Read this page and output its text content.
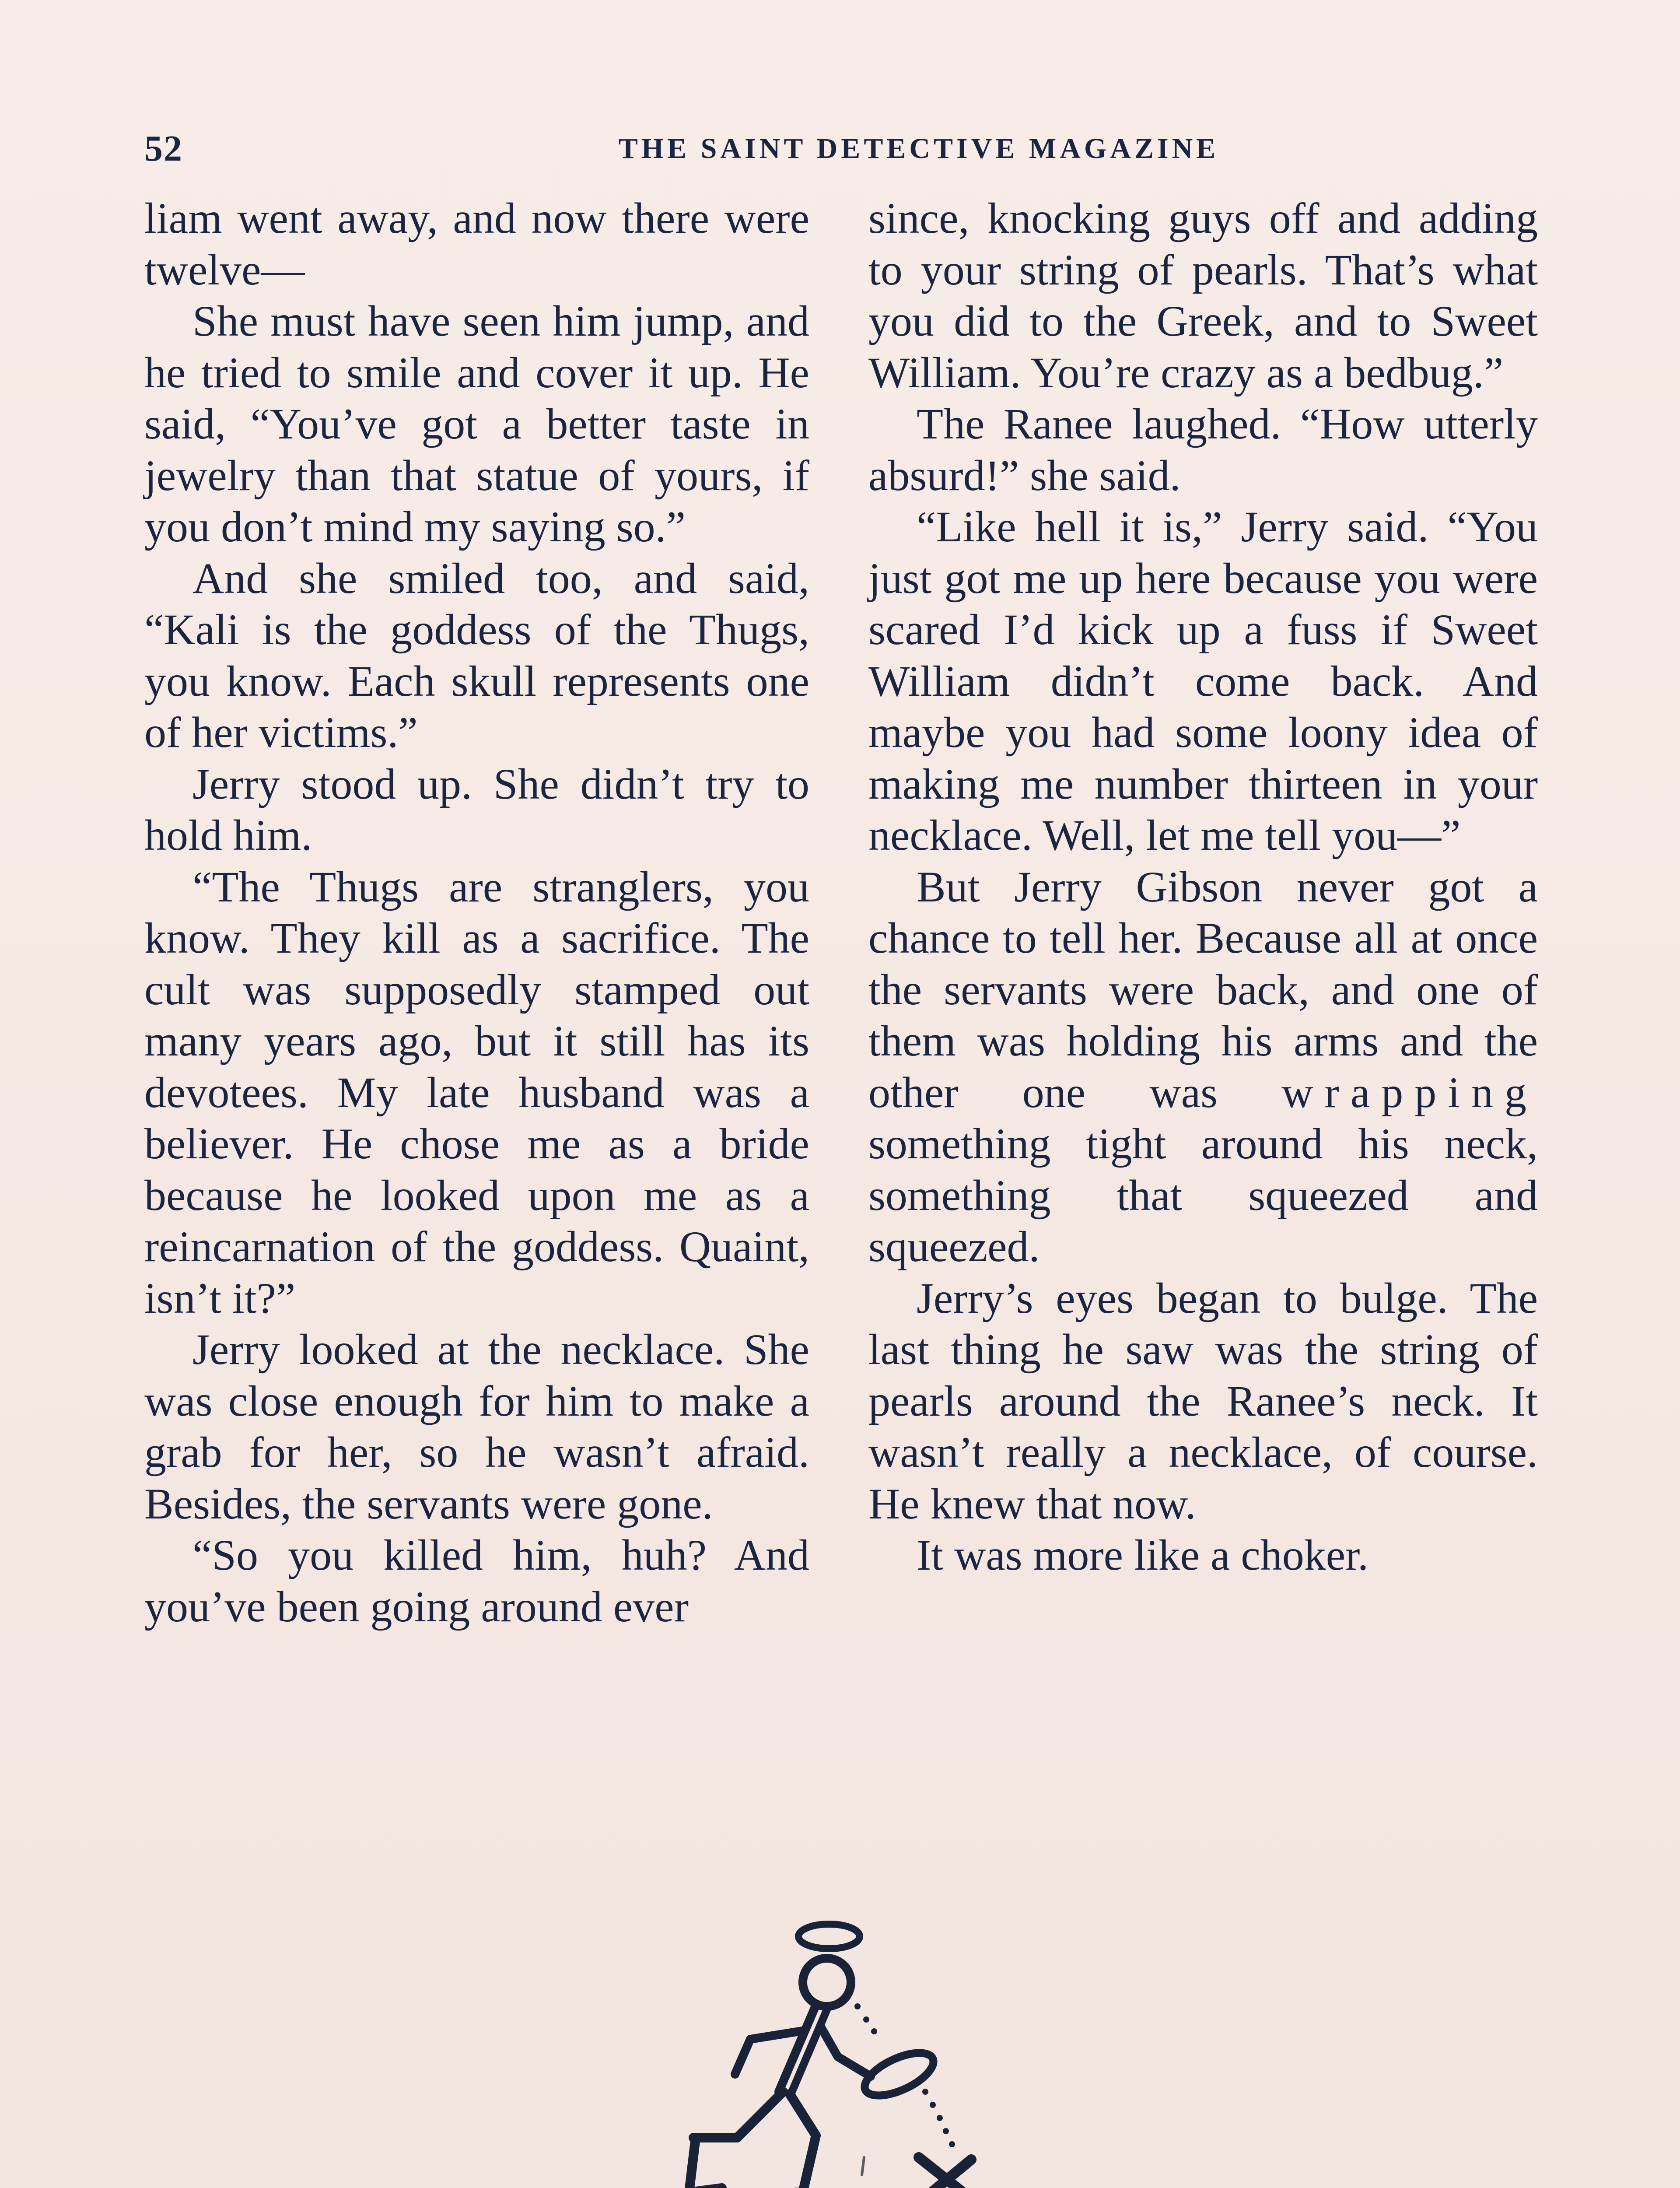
52	THE SAINT DETECTIVE MAGAZINE

liam went away, and now there were twelve—

She must have seen him jump, and he tried to smile and cover it up. He said, “You’ve got a better taste in jewelry than that statue of yours, if you don’t mind my saying so.”

And she smiled too, and said, “Kali is the goddess of the Thugs, you know. Each skull represents one of her victims.”

Jerry stood up. She didn’t try to hold him.

“The Thugs are stranglers, you know. They kill as a sacrifice. The cult was supposedly stamped out many years ago, but it still has its devotees. My late husband was a believer. He chose me as a bride because he looked upon me as a reincarnation of the goddess. Quaint, isn’t it?”

Jerry looked at the necklace. She was close enough for him to make a grab for her, so he wasn’t afraid. Besides, the servants were gone.

“So you killed him, huh? And you’ve been going around ever

since, knocking guys off and adding to your string of pearls. That’s what you did to the Greek, and to Sweet William. You’re crazy as a bedbug.”

The Ranee laughed. “How utterly absurd!” she said.

“Like hell it is,” Jerry said. “You just got me up here because you were scared I’d kick up a fuss if Sweet William didn’t come back. And maybe you had some loony idea of making me number thirteen in your necklace. Well, let me tell you—”

But Jerry Gibson never got a chance to tell her. Because all at once the servants were back, and one of them was holding his arms and the other one was wrapping something tight around his neck, something that squeezed and squeezed.

Jerry’s eyes began to bulge. The last thing he saw was the string of pearls around the Ranee’s neck. It wasn’t really a necklace, of course. He knew that now.

It was more like a choker.
